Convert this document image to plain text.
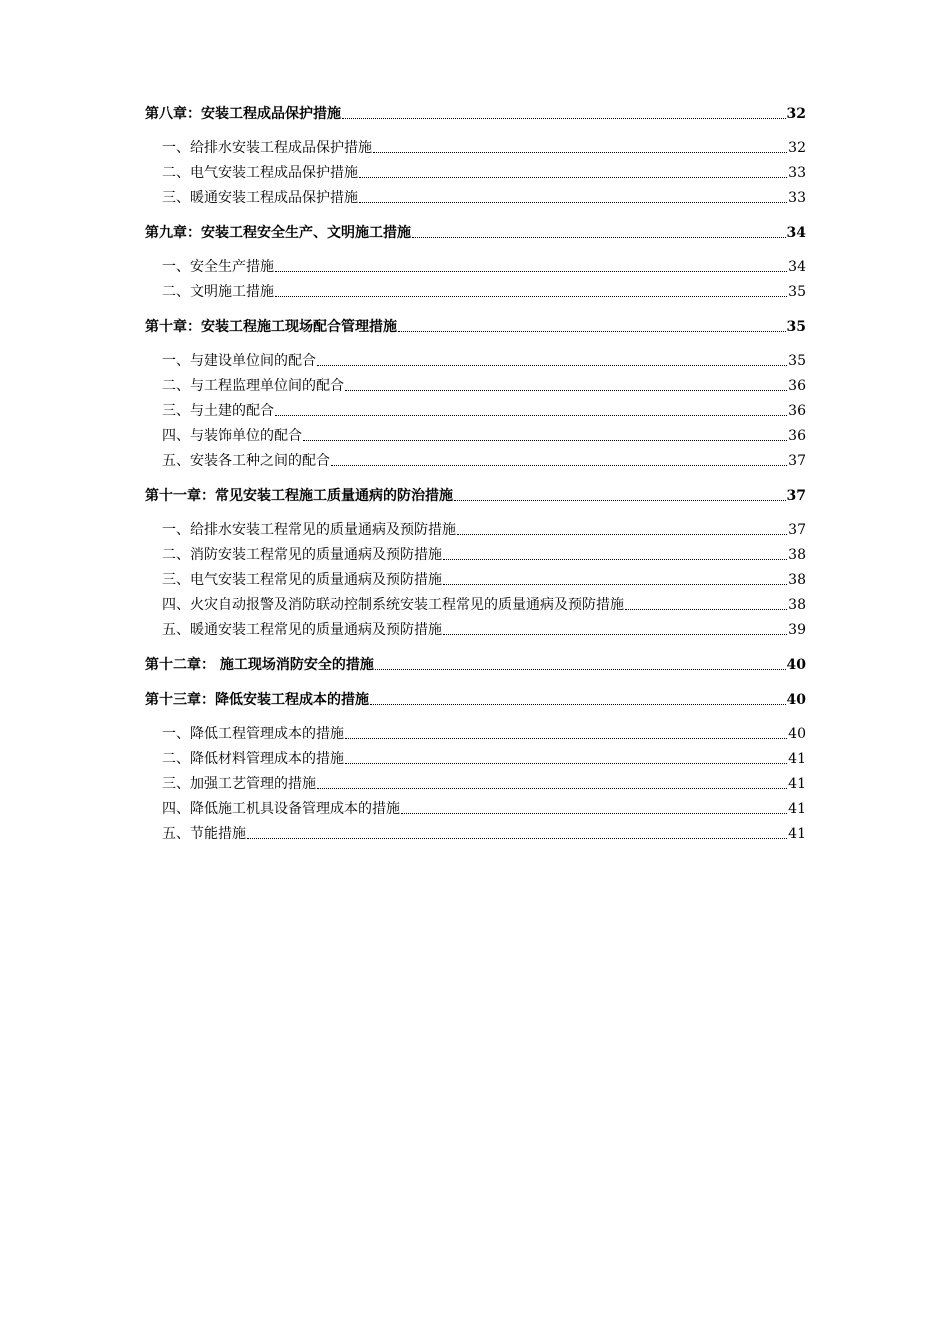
第八章：安装工程成品保护措施	32
一、给排水安装工程成品保护措施	32
二、电气安装工程成品保护措施	33
三、暖通安装工程成品保护措施	33
第九章：安装工程安全生产、文明施工措施	34
一、安全生产措施	34
二、文明施工措施	35
第十章：安装工程施工现场配合管理措施	35
一、与建设单位间的配合	35
二、与工程监理单位间的配合	36
三、与土建的配合	36
四、与装饰单位的配合	36
五、安装各工种之间的配合	37
第十一章：常见安装工程施工质量通病的防治措施	37
一、给排水安装工程常见的质量通病及预防措施	37
二、消防安装工程常见的质量通病及预防措施	38
三、电气安装工程常见的质量通病及预防措施	38
四、火灾自动报警及消防联动控制系统安装工程常见的质量通病及预防措施	38
五、暖通安装工程常见的质量通病及预防措施	39
第十二章： 施工现场消防安全的措施	40
第十三章：降低安装工程成本的措施	40
一、降低工程管理成本的措施	40
二、降低材料管理成本的措施	41
三、加强工艺管理的措施	41
四、降低施工机具设备管理成本的措施	41
五、节能措施	41
